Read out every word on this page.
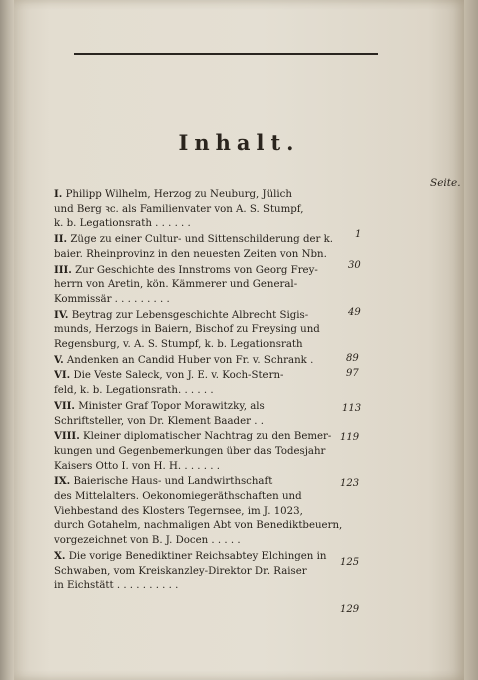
Inhalt.
Seite.
I. Philipp Wilhelm, Herzog zu Neuburg, Jülich
und Berg ꝛc. als Familienvater von A. S. Stumpf,
k. b. Legationsrath . . . . . .
II. Züge zu einer Cultur- und Sittenschilderung der k.
baier. Rheinprovinz in den neuesten Zeiten von Nbn.
III. Zur Geschichte des Innstroms von Georg Frey-
herrn von Aretin, kön. Kämmerer und General-
Kommissär . . . . . . . . .
IV. Beytrag zur Lebensgeschichte Albrecht Sigis-
munds, Herzogs in Baiern, Bischof zu Freysing und
Regensburg, v. A. S. Stumpf, k. b. Legationsrath
V. Andenken an Candid Huber von Fr. v. Schrank .
VI. Die Veste Saleck, von J. E. v. Koch-Stern-
feld, k. b. Legationsrath. . . . . .
VII. Minister Graf Topor Morawitzky, als
Schriftsteller, von Dr. Klement Baader . .
VIII. Kleiner diplomatischer Nachtrag zu den Bemer-
kungen und Gegenbemerkungen über das Todesjahr
Kaisers Otto I. von H. H. . . . . . .
IX. Baierische Haus- und Landwirthschaft
des Mittelalters. Oekonomiegeräthschaften und
Viehbestand des Klosters Tegernsee, im J. 1023,
durch Gotahelm, nachmaligen Abt von Benediktbeuern,
vorgezeichnet von B. J. Docen . . . . .
X. Die vorige Benediktiner Reichsabtey Elchingen in
Schwaben, vom Kreiskanzley-Direktor Dr. Raiser
in Eichstätt . . . . . . . . . .
1
30
49
89
97
113
119
123
125
129
